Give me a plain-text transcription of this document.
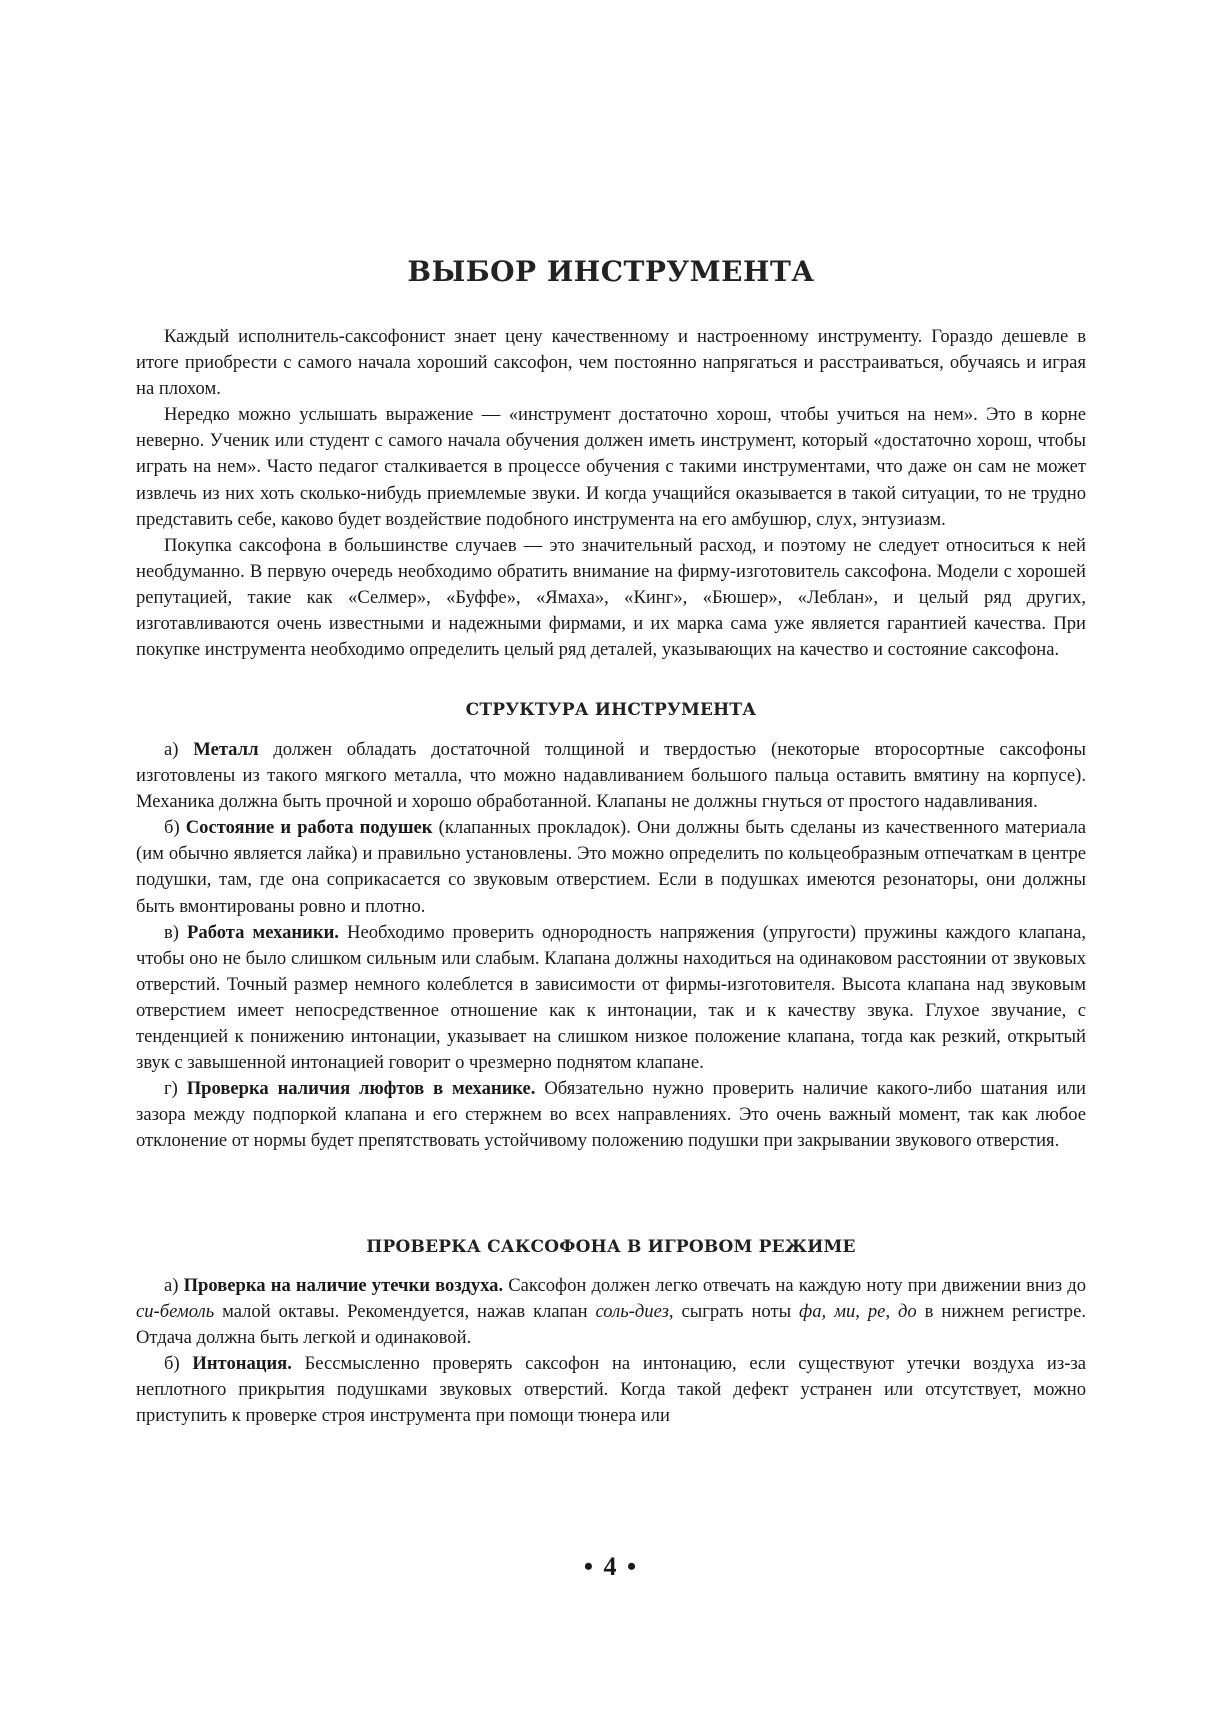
ВЫБОР ИНСТРУМЕНТА

Каждый исполнитель-саксофонист знает цену качественному и настроенному инструменту. Гораздо дешевле в итоге приобрести с самого начала хороший саксофон, чем постоянно напрягаться и расстраиваться, обучаясь и играя на плохом.

Нередко можно услышать выражение — «инструмент достаточно хорош, чтобы учиться на нем». Это в корне неверно. Ученик или студент с самого начала обучения должен иметь инструмент, который «достаточно хорош, чтобы играть на нем». Часто педагог сталкивается в процессе обучения с такими инструментами, что даже он сам не может извлечь из них хоть сколько-нибудь приемлемые звуки. И когда учащийся оказывается в такой ситуации, то не трудно представить себе, каково будет воздействие подобного инструмента на его амбушюр, слух, энтузиазм.

Покупка саксофона в большинстве случаев — это значительный расход, и поэтому не следует относиться к ней необдуманно. В первую очередь необходимо обратить внимание на фирму-изготовитель саксофона. Модели с хорошей репутацией, такие как «Селмер», «Буффе», «Ямаха», «Кинг», «Бюшер», «Леблан», и целый ряд других, изготавливаются очень известными и надежными фирмами, и их марка сама уже является гарантией качества. При покупке инструмента необходимо определить целый ряд деталей, указывающих на качество и состояние саксофона.

СТРУКТУРА ИНСТРУМЕНТА

а) Металл должен обладать достаточной толщиной и твердостью (некоторые второсортные саксофоны изготовлены из такого мягкого металла, что можно надавливанием большого пальца оставить вмятину на корпусе). Механика должна быть прочной и хорошо обработанной. Клапаны не должны гнуться от простого надавливания.

б) Состояние и работа подушек (клапанных прокладок). Они должны быть сделаны из качественного материала (им обычно является лайка) и правильно установлены. Это можно определить по кольцеобразным отпечаткам в центре подушки, там, где она соприкасается со звуковым отверстием. Если в подушках имеются резонаторы, они должны быть вмонтированы ровно и плотно.

в) Работа механики. Необходимо проверить однородность напряжения (упругости) пружины каждого клапана, чтобы оно не было слишком сильным или слабым. Клапана должны находиться на одинаковом расстоянии от звуковых отверстий. Точный размер немного колеблется в зависимости от фирмы-изготовителя. Высота клапана над звуковым отверстием имеет непосредственное отношение как к интонации, так и к качеству звука. Глухое звучание, с тенденцией к понижению интонации, указывает на слишком низкое положение клапана, тогда как резкий, открытый звук с завышенной интонацией говорит о чрезмерно поднятом клапане.

г) Проверка наличия люфтов в механике. Обязательно нужно проверить наличие какого-либо шатания или зазора между подпоркой клапана и его стержнем во всех направлениях. Это очень важный момент, так как любое отклонение от нормы будет препятствовать устойчивому положению подушки при закрывании звукового отверстия.

ПРОВЕРКА САКСОФОНА В ИГРОВОМ РЕЖИМЕ

а) Проверка на наличие утечки воздуха. Саксофон должен легко отвечать на каждую ноту при движении вниз до си-бемоль малой октавы. Рекомендуется, нажав клапан соль-диез, сыграть ноты фа, ми, ре, до в нижнем регистре. Отдача должна быть легкой и одинаковой.

б) Интонация. Бессмысленно проверять саксофон на интонацию, если существуют утечки воздуха из-за неплотного прикрытия подушками звуковых отверстий. Когда такой дефект устранен или отсутствует, можно приступить к проверке строя инструмента при помощи тюнера или

• 4 •
